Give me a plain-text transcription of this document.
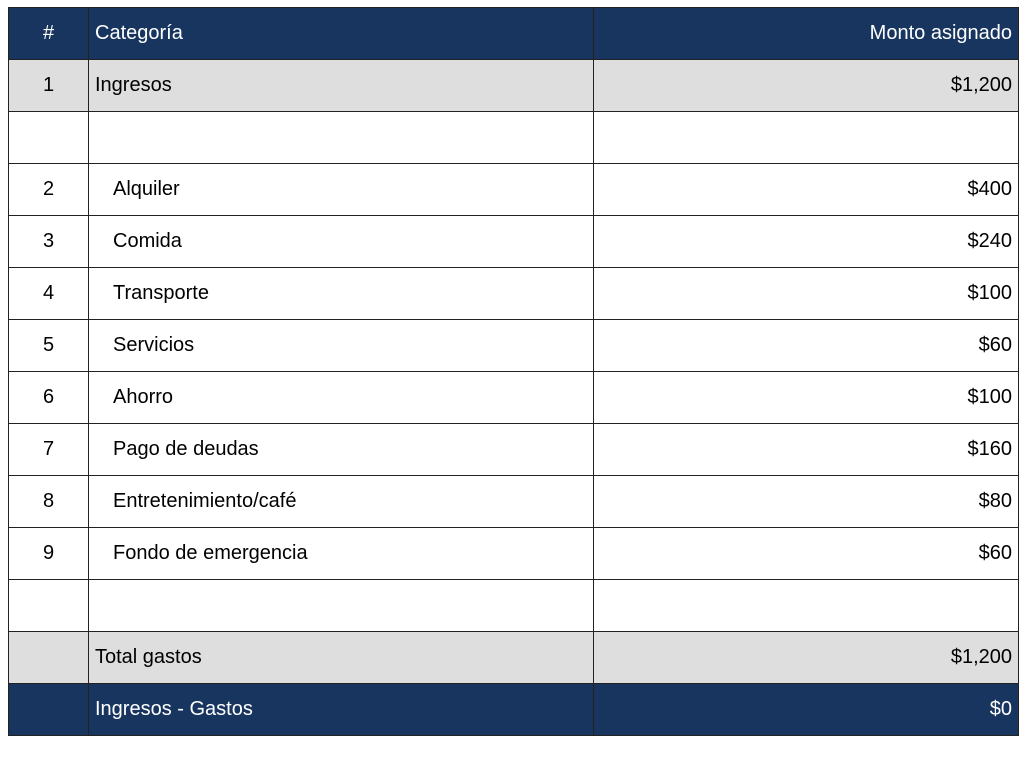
#	Categoría	Monto asignado
1	Ingresos	$1,200

2	Alquiler	$400
3	Comida	$240
4	Transporte	$100
5	Servicios	$60
6	Ahorro	$100
7	Pago de deudas	$160
8	Entretenimiento/café	$80
9	Fondo de emergencia	$60

	Total gastos	$1,200
	Ingresos - Gastos	$0
